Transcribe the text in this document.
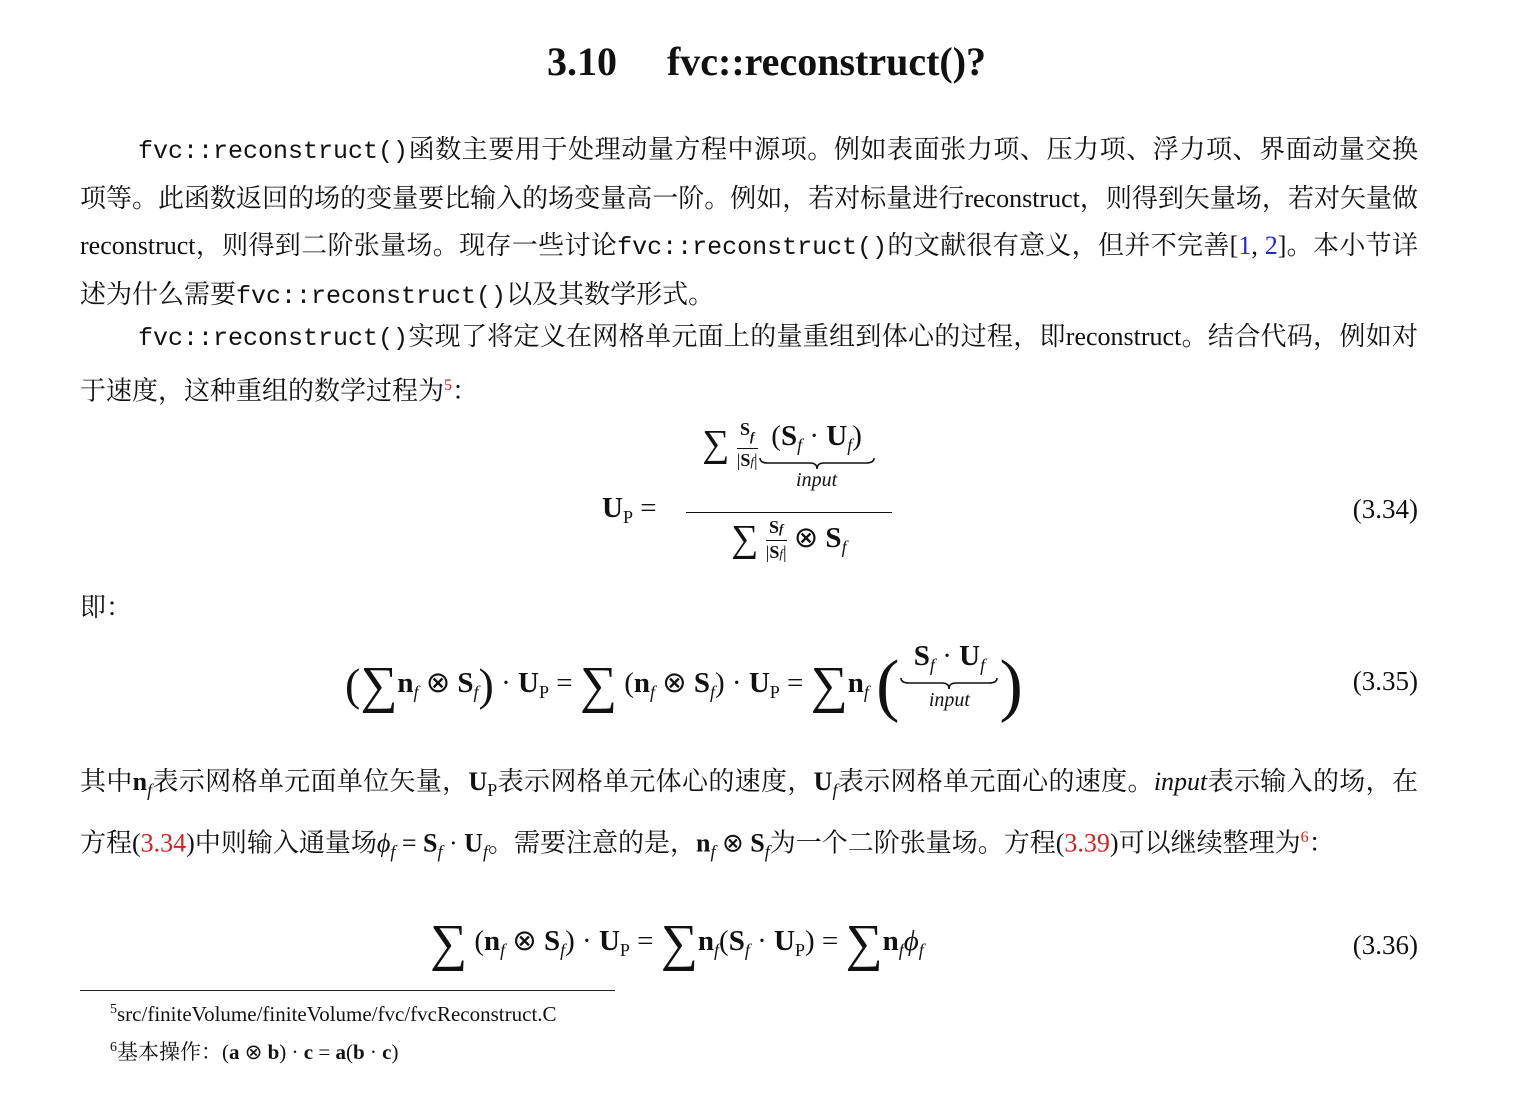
3.10 fvc::reconstruct()?
fvc::reconstruct()函数主要用于处理动量方程中源项。例如表面张力项、压力项、浮力项、界面动量交换项等。此函数返回的场的变量要比输入的场变量高一阶。例如，若对标量进行reconstruct，则得到矢量场，若对矢量做reconstruct，则得到二阶张量场。现存一些讨论fvc::reconstruct()的文献很有意义，但并不完善[1, 2]。本小节详述为什么需要fvc::reconstruct()以及其数学形式。
fvc::reconstruct()实现了将定义在网格单元面上的量重组到体心的过程，即reconstruct。结合代码，例如对于速度，这种重组的数学过程为$^5$：
$U_P$ =
∑ $\frac{S_f}{|Sf|} (S_f \cdot U_f)$
input
∑ $\frac{Sf}{|Sf|}$ ⊗ $S_f$
(3.34)
即：
($\sum n_f$ ⊗ $S_f) \cdot U_P$ = ∑ ($n_f$ ⊗ $S_f) \cdot U_P = \sum n_f$ ( $S_f \cdot U_f$
input )	(3.35)
其中$n_f$表示网格单元面单位矢量，$U_P$表示网格单元体心的速度，$U_f$表示网格单元面心的速度。input表示输入的场，在方程(3.34)中则输入通量场$\phi_f = S_f \cdot U_f$。需要注意的是，$n_f$ ⊗ $S_f$为一个二阶张量场。方程(3.39)可以继续整理为$^6$：
∑ ($n_f$ ⊗ $S_f) \cdot U_P = \sum n_f(S_f \cdot U_P) = \sum n_f\phi_f$	(3.36)
$^5$src/finiteVolume/finiteVolume/fvc/fvcReconstruct.C
$^6$基本操作：(a ⊗ b) · c = a(b · c)
